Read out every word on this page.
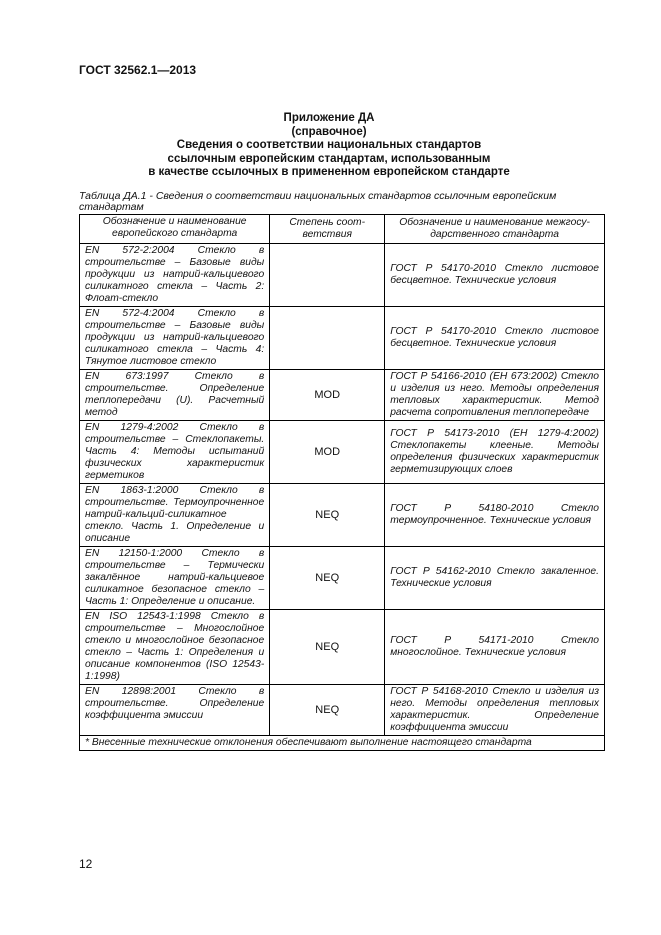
ГОСТ 32562.1—2013
Приложение ДА
(справочное)
Сведения о соответствии национальных стандартов
ссылочным европейским стандартам, использованным
в качестве ссылочных в примененном европейском стандарте
Таблица ДА.1 - Сведения о соответствии национальных стандартов ссылочным европейским стандартам
Обозначение и наименование европейского стандарта	Степень соот-ветствия	Обозначение и наименование межгосу-дарственного стандарта
EN 572-2:2004 Стекло в строительстве – Базовые виды продукции из натрий-кальциевого силикатного стекла – Часть 2: Флоат-стекло		ГОСТ Р 54170-2010 Стекло листовое бесцветное. Технические условия
EN 572-4:2004 Стекло в строительстве – Базовые виды продукции из натрий-кальциевого силикатного стекла – Часть 4: Тянутое листовое стекло		ГОСТ Р 54170-2010 Стекло листовое бесцветное. Технические условия
EN 673:1997 Стекло в строительстве. Определение теплопередачи (U). Расчетный метод	MOD	ГОСТ Р 54166-2010 (ЕН 673:2002) Стекло и изделия из него. Методы определения тепловых характеристик. Метод расчета сопротивления теплопередаче
EN 1279-4:2002 Стекло в строительстве – Стеклопакеты. Часть 4: Методы испытаний физических характеристик герметиков	MOD	ГОСТ Р 54173-2010 (ЕН 1279-4:2002) Стеклопакеты клееные. Методы определения физических характеристик герметизирующих слоев
EN 1863-1:2000 Стекло в строительстве. Термоупрочненное натрий-кальций-силикатное стекло. Часть 1. Определение и описание	NEQ	ГОСТ Р 54180-2010 Стекло термоупрочненное. Технические условия
EN 12150-1:2000 Стекло в строительстве – Термически закалённое натрий-кальциевое силикатное безопасное стекло – Часть 1: Определение и описание.	NEQ	ГОСТ Р 54162-2010 Стекло закаленное. Технические условия
EN ISO 12543-1:1998 Стекло в строительстве – Многослойное стекло и многослойное безопасное стекло – Часть 1: Определения и описание компонентов (ISO 12543-1:1998)	NEQ	ГОСТ Р 54171-2010 Стекло многослойное. Технические условия
EN 12898:2001 Стекло в строительстве. Определение коэффициента эмиссии	NEQ	ГОСТ Р 54168-2010 Стекло и изделия из него. Методы определения тепловых характеристик. Определение коэффициента эмиссии
* Внесенные технические отклонения обеспечивают выполнение настоящего стандарта		
12
